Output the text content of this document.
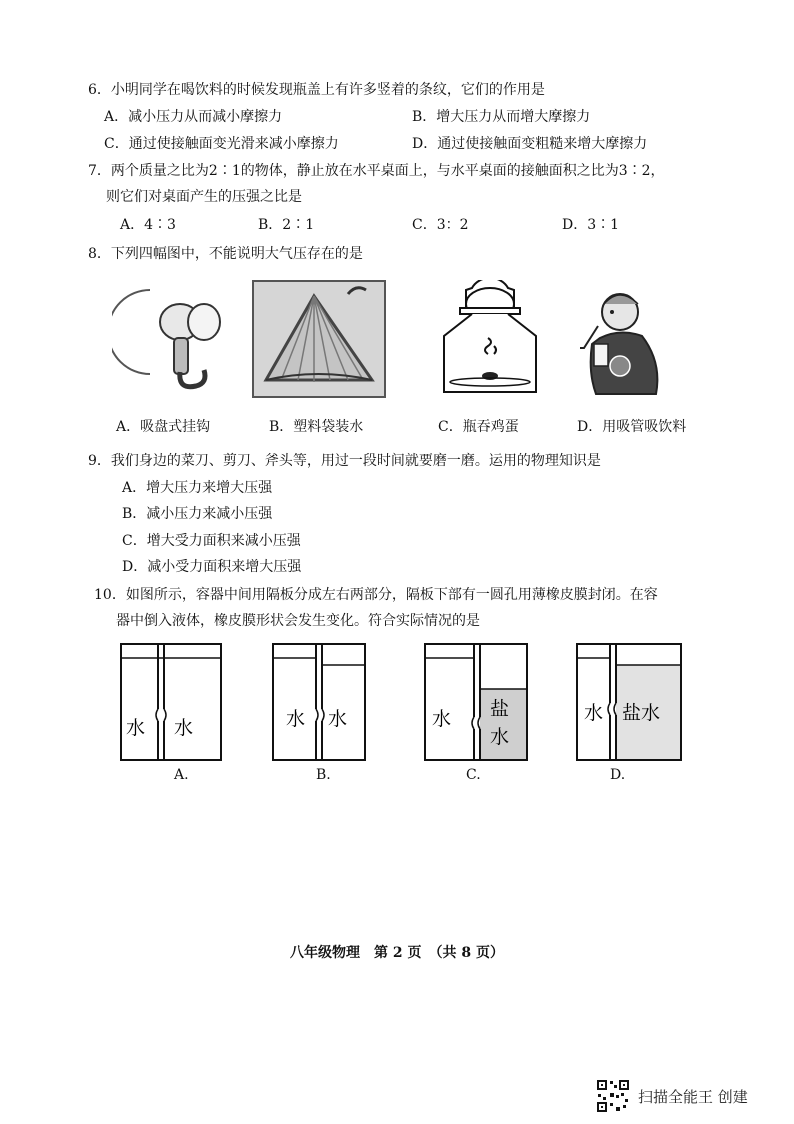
6．小明同学在喝饮料的时候发现瓶盖上有许多竖着的条纹，它们的作用是
A．减小压力从而减小摩擦力	B．增大压力从而增大摩擦力
C．通过使接触面变光滑来减小摩擦力	D．通过使接触面变粗糙来增大摩擦力
7．两个质量之比为2∶1的物体，静止放在水平桌面上，与水平桌面的接触面积之比为3∶2，
则它们对桌面产生的压强之比是
A．4∶3	B．2∶1	C．3：2	D．3∶1
8．下列四幅图中，不能说明大气压存在的是
A．吸盘式挂钩	B．塑料袋装水	C．瓶吞鸡蛋	D．用吸管吸饮料
9．我们身边的菜刀、剪刀、斧头等，用过一段时间就要磨一磨。运用的物理知识是
A．增大压力来增大压强
B．减小压力来减小压强
C．增大受力面积来减小压强
D．减小受力面积来增大压强
10．如图所示，容器中间用隔板分成左右两部分，隔板下部有一圆孔用薄橡皮膜封闭。在容
器中倒入液体，橡皮膜形状会发生变化。符合实际情况的是
水 水	水 水	水 盐
水
水 盐水
A.	B.	C.	D.
八年级物理　第 2 页　（共 8 页）
扫描全能王 创建
